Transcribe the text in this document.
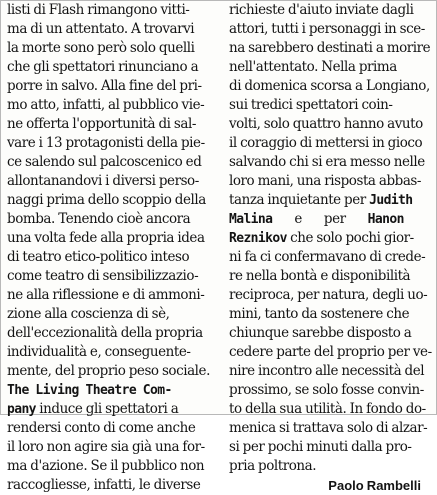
listi di Flash rimangono vitti-
ma di un attentato. A trovarvi
la morte sono però solo quelli
che gli spettatori rinunciano a
porre in salvo. Alla fine del pri-
mo atto, infatti, al pubblico vie-
ne offerta l'opportunità di sal-
vare i 13 protagonisti della pie-
ce salendo sul palcoscenico ed
allontanandovi i diversi perso-
naggi prima dello scoppio della
bomba. Tenendo cioè ancora
una volta fede alla propria idea
di teatro etico-politico inteso
come teatro di sensibilizzazio-
ne alla riflessione e di ammoni-
zione alla coscienza di sè,
dell'eccezionalità della propria
individualità e, conseguente-
mente, del proprio peso sociale.
The Living Theatre Com-
pany induce gli spettatori a
rendersi conto di come anche
il loro non agire sia già una for-
ma d'azione. Se il pubblico non
raccogliesse, infatti, le diverse
richieste d'aiuto inviate dagli
attori, tutti i personaggi in sce-
na sarebbero destinati a morire
nell'attentato. Nella prima
di domenica scorsa a Longiano,
sui tredici spettatori coin-
volti, solo quattro hanno avuto
il coraggio di mettersi in gioco
salvando chi si era messo nelle
loro mani, una risposta abbas-
tanza inquietante per Judith
Malina e per Hanon
Reznikov che solo pochi gior-
ni fa ci confermavano di crede-
re nella bontà e disponibilità
reciproca, per natura, degli uo-
mini, tanto da sostenere che
chiunque sarebbe disposto a
cedere parte del proprio per ve-
nire incontro alle necessità del
prossimo, se solo fosse convin-
to della sua utilità. In fondo do-
menica si trattava solo di alzar-
si per pochi minuti dalla pro-
pria poltrona.
Paolo Rambelli
